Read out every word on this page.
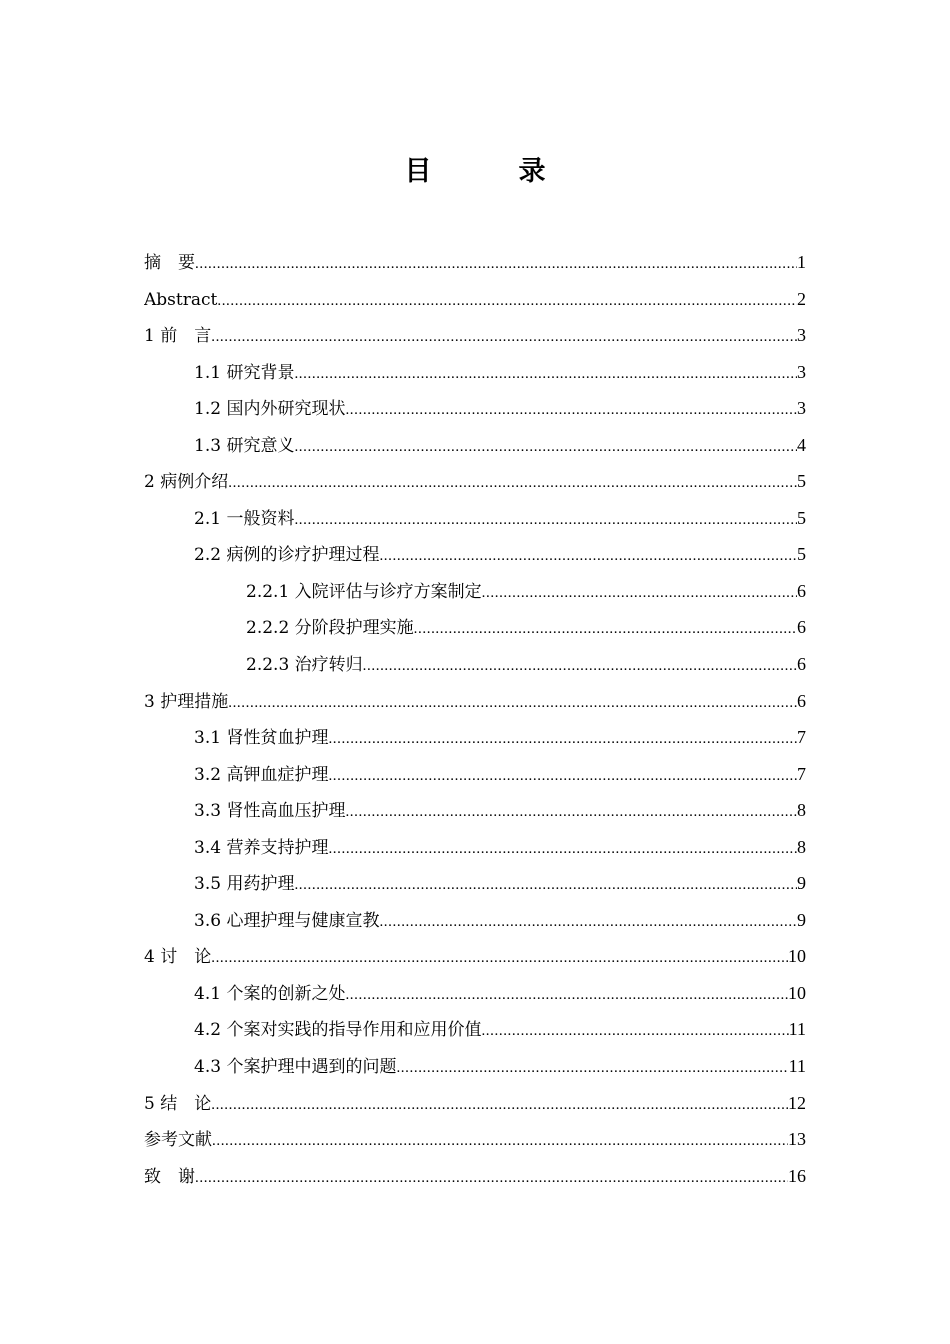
目　录
摘　要 .....	1
Abstract .....	2
1 前　言 .....	3
1.1 研究背景 .....	3
1.2 国内外研究现状 .....	3
1.3 研究意义 .....	4
2 病例介绍 .....	5
2.1 一般资料 .....	5
2.2 病例的诊疗护理过程 .....	5
2.2.1 入院评估与诊疗方案制定 .....	6
2.2.2 分阶段护理实施 .....	6
2.2.3 治疗转归 .....	6
3 护理措施 .....	6
3.1 肾性贫血护理 .....	7
3.2 高钾血症护理 .....	7
3.3 肾性高血压护理 .....	8
3.4 营养支持护理 .....	8
3.5 用药护理 .....	9
3.6 心理护理与健康宣教 .....	9
4 讨　论 .....	10
4.1 个案的创新之处 .....	10
4.2 个案对实践的指导作用和应用价值 .....	11
4.3 个案护理中遇到的问题 .....	11
5 结　论 .....	12
参考文献 .....	13
致　谢 .....	16
